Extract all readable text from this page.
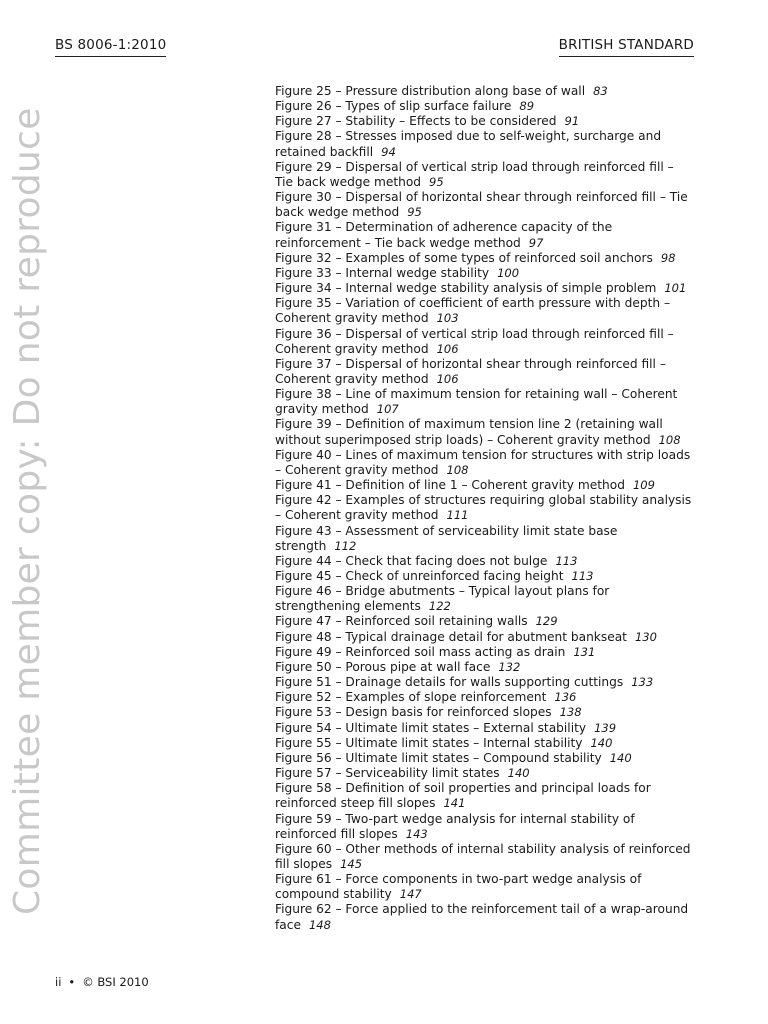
BS 8006-1:2010	BRITISH STANDARD
Committee member copy: Do not reproduce
Figure 25 – Pressure distribution along base of wall 83
Figure 26 – Types of slip surface failure 89
Figure 27 – Stability – Effects to be considered 91
Figure 28 – Stresses imposed due to self-weight, surcharge and retained backfill 94
Figure 29 – Dispersal of vertical strip load through reinforced fill – Tie back wedge method 95
Figure 30 – Dispersal of horizontal shear through reinforced fill – Tie back wedge method 95
Figure 31 – Determination of adherence capacity of the reinforcement – Tie back wedge method 97
Figure 32 – Examples of some types of reinforced soil anchors 98
Figure 33 – Internal wedge stability 100
Figure 34 – Internal wedge stability analysis of simple problem 101
Figure 35 – Variation of coefficient of earth pressure with depth – Coherent gravity method 103
Figure 36 – Dispersal of vertical strip load through reinforced fill – Coherent gravity method 106
Figure 37 – Dispersal of horizontal shear through reinforced fill – Coherent gravity method 106
Figure 38 – Line of maximum tension for retaining wall – Coherent gravity method 107
Figure 39 – Definition of maximum tension line 2 (retaining wall without superimposed strip loads) – Coherent gravity method 108
Figure 40 – Lines of maximum tension for structures with strip loads – Coherent gravity method 108
Figure 41 – Definition of line 1 – Coherent gravity method 109
Figure 42 – Examples of structures requiring global stability analysis – Coherent gravity method 111
Figure 43 – Assessment of serviceability limit state base strength 112
Figure 44 – Check that facing does not bulge 113
Figure 45 – Check of unreinforced facing height 113
Figure 46 – Bridge abutments – Typical layout plans for strengthening elements 122
Figure 47 – Reinforced soil retaining walls 129
Figure 48 – Typical drainage detail for abutment bankseat 130
Figure 49 – Reinforced soil mass acting as drain 131
Figure 50 – Porous pipe at wall face 132
Figure 51 – Drainage details for walls supporting cuttings 133
Figure 52 – Examples of slope reinforcement 136
Figure 53 – Design basis for reinforced slopes 138
Figure 54 – Ultimate limit states – External stability 139
Figure 55 – Ultimate limit states – Internal stability 140
Figure 56 – Ultimate limit states – Compound stability 140
Figure 57 – Serviceability limit states 140
Figure 58 – Definition of soil properties and principal loads for reinforced steep fill slopes 141
Figure 59 – Two-part wedge analysis for internal stability of reinforced fill slopes 143
Figure 60 – Other methods of internal stability analysis of reinforced fill slopes 145
Figure 61 – Force components in two-part wedge analysis of compound stability 147
Figure 62 – Force applied to the reinforcement tail of a wrap-around face 148
ii • © BSI 2010
